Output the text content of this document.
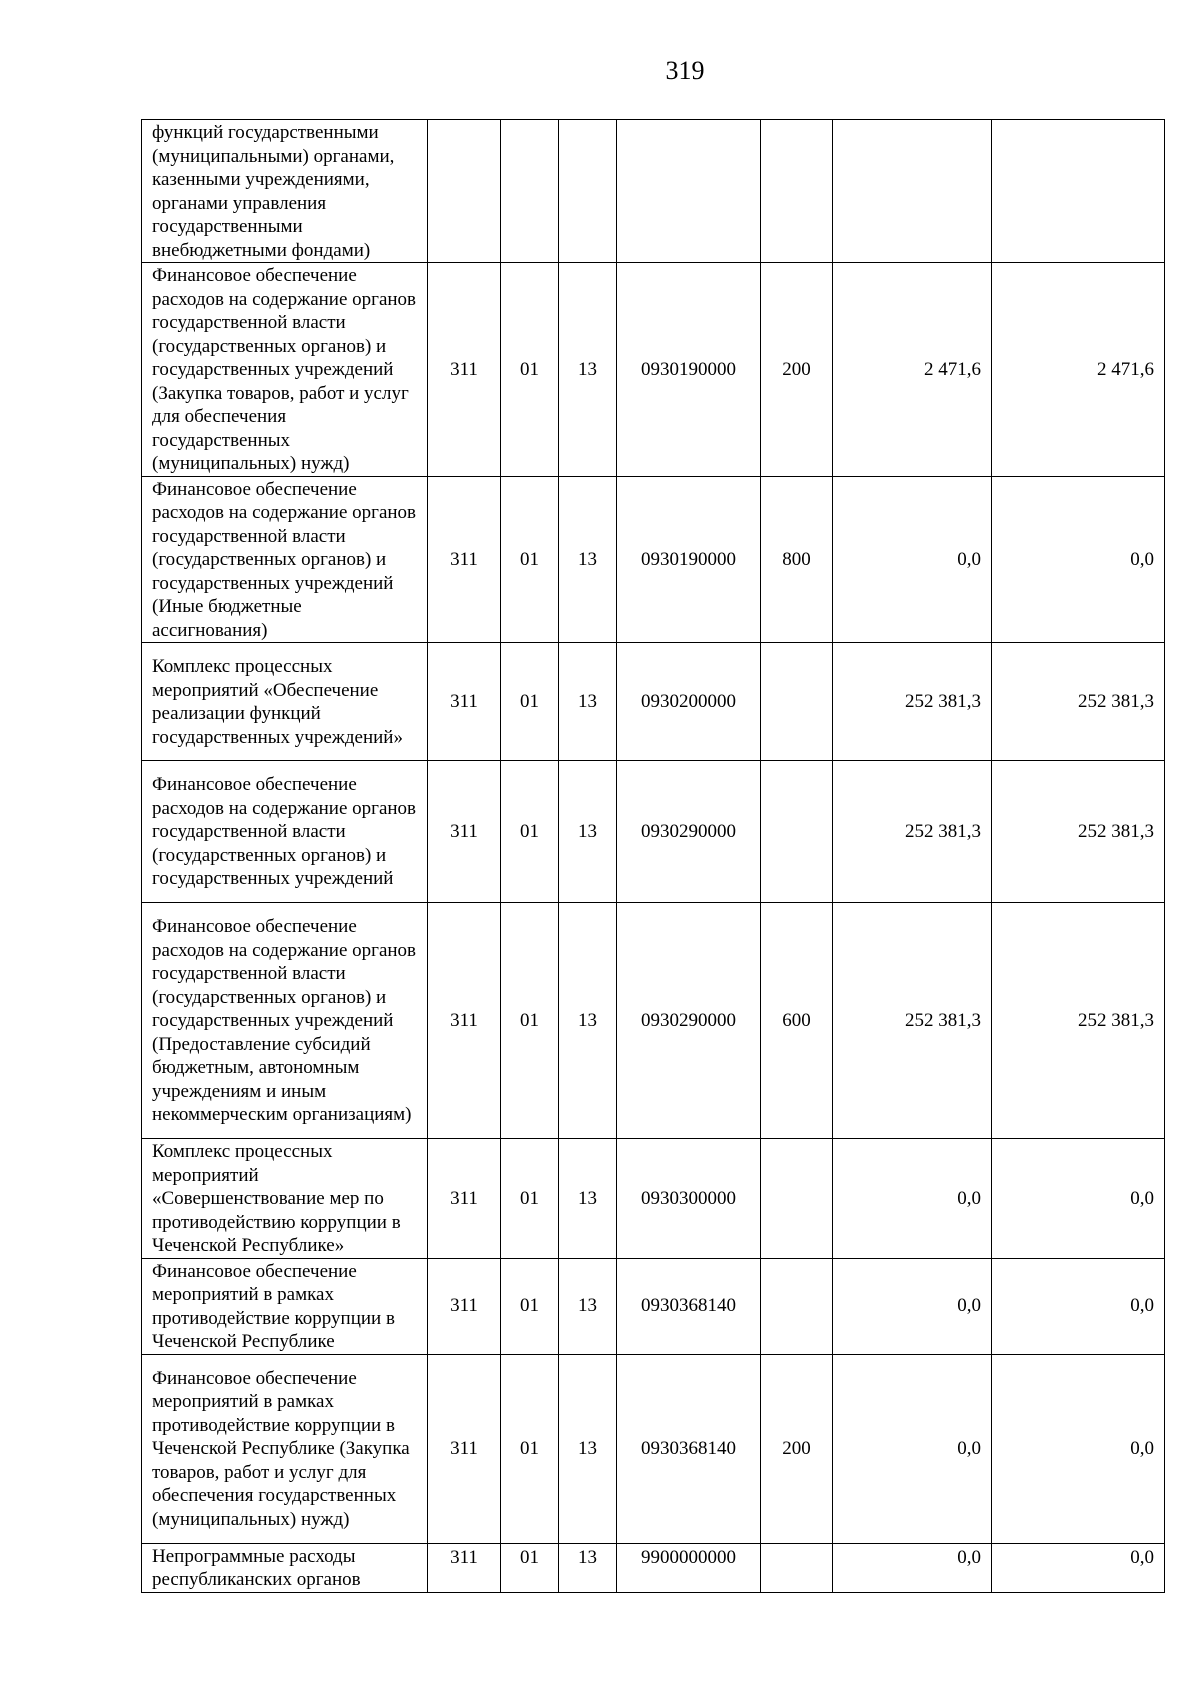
319
функций государственными (муниципальными) органами, казенными учреждениями, органами управления государственными внебюджетными фондами)							
Финансовое обеспечение расходов на содержание органов государственной власти (государственных органов) и государственных учреждений (Закупка товаров, работ и услуг для обеспечения государственных (муниципальных) нужд)	311	01	13	0930190000	200	2 471,6	2 471,6
Финансовое обеспечение расходов на содержание органов государственной власти (государственных органов) и государственных учреждений (Иные бюджетные ассигнования)	311	01	13	0930190000	800	0,0	0,0
Комплекс процессных мероприятий «Обеспечение реализации функций государственных учреждений»	311	01	13	0930200000		252 381,3	252 381,3
Финансовое обеспечение расходов на содержание органов государственной власти (государственных органов) и государственных учреждений	311	01	13	0930290000		252 381,3	252 381,3
Финансовое обеспечение расходов на содержание органов государственной власти (государственных органов) и государственных учреждений (Предоставление субсидий бюджетным, автономным учреждениям и иным некоммерческим организациям)	311	01	13	0930290000	600	252 381,3	252 381,3
Комплекс процессных мероприятий «Совершенствование мер по противодействию коррупции в Чеченской Республике»	311	01	13	0930300000		0,0	0,0
Финансовое обеспечение мероприятий в рамках противодействие коррупции в Чеченской Республике	311	01	13	0930368140		0,0	0,0
Финансовое обеспечение мероприятий в рамках противодействие коррупции в Чеченской Республике (Закупка товаров, работ и услуг для обеспечения государственных (муниципальных) нужд)	311	01	13	0930368140	200	0,0	0,0
Непрограммные расходы республиканских органов	311	01	13	9900000000		0,0	0,0
